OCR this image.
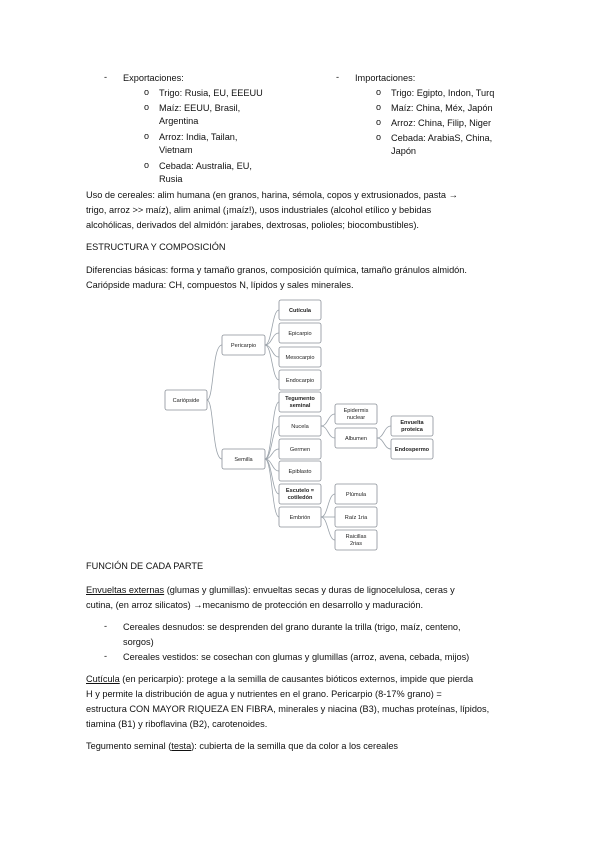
- Exportaciones:
o Trigo: Rusia, EU, EEEUU
o Maíz: EEUU, Brasil,
Argentina
o Arroz: India, Tailan,
Vietnam
o Cebada: Australia, EU,
Rusia
- Importaciones:
o Trigo: Egipto, Indon, Turq
o Maíz: China, Méx, Japón
o Arroz: China, Filip, Niger
o Cebada: ArabiaS, China,
Japón
Uso de cereales: alim humana (en granos, harina, sémola, copos y extrusionados, pasta →
trigo, arroz >> maíz), alim animal (¡maíz!), usos industriales (alcohol etílico y bebidas
alcohólicas, derivados del almidón: jarabes, dextrosas, polioles; biocombustibles).
ESTRUCTURA Y COMPOSICIÓN
Diferencias básicas: forma y tamaño granos, composición química, tamaño gránulos almidón.
Cariópside madura: CH, compuestos N, lípidos y sales minerales.
Cariópside
Pericarpio
Cutícula
Epicarpio
Mesocarpio
Endocarpio
Semilla
Tegumento
seminal
Nucela
Epidermis
nuclear
Albumen
Envuelta
proteica
Endospermo
Germen
Epiblasto
Escutelo =
cotiledón
Embrión
Plúmula
Raíz 1ria
Raicillas
2rias
FUNCIÓN DE CADA PARTE
Envueltas externas (glumas y glumillas): envueltas secas y duras de lignocelulosa, ceras y
cutina, (en arroz silicatos) →mecanismo de protección en desarrollo y maduración.
- Cereales desnudos: se desprenden del grano durante la trilla (trigo, maíz, centeno,
sorgos)
- Cereales vestidos: se cosechan con glumas y glumillas (arroz, avena, cebada, mijos)
Cutícula (en pericarpio): protege a la semilla de causantes bióticos externos, impide que pierda
H y permite la distribución de agua y nutrientes en el grano. Pericarpio (8-17% grano) =
estructura CON MAYOR RIQUEZA EN FIBRA, minerales y niacina (B3), muchas proteínas, lípidos,
tiamina (B1) y riboflavina (B2), carotenoides.
Tegumento seminal (testa): cubierta de la semilla que da color a los cereales
